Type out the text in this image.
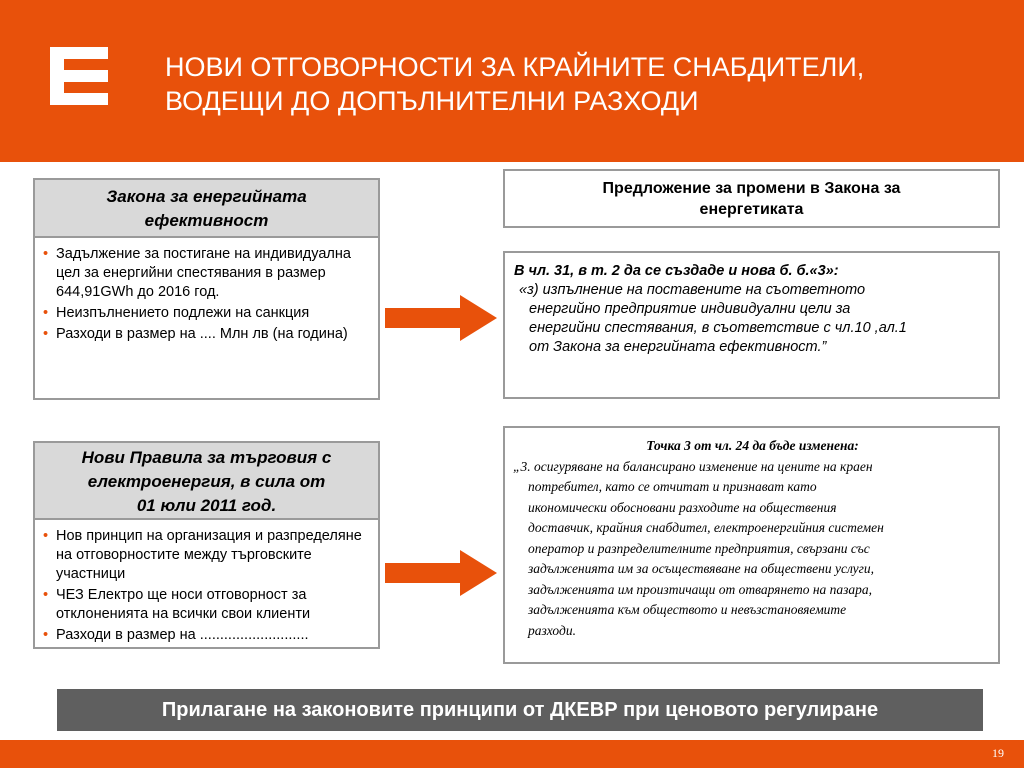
НОВИ ОТГОВОРНОСТИ ЗА КРАЙНИТЕ СНАБДИТЕЛИ,
ВОДЕЩИ ДО ДОПЪЛНИТЕЛНИ РАЗХОДИ
Закона за енергийната
ефективност
• Задължение за постигане на индивидуална цел за енергийни спестявания в размер 644,91GWh до 2016 год.
• Неизпълнението подлежи на санкция
• Разходи в размер на .... Млн лв (на година)
Нови Правила за търговия с
електроенергия, в сила от
01 юли 2011 год.
• Нов принцип на организация и разпределяне на отговорностите между търговските участници
• ЧЕЗ Електро ще носи отговорност за отклоненията на всички свои клиенти
• Разходи в размер на ...........................
Предложение за промени в Закона за
енергетиката
В чл. 31, в т. 2 да се създаде и нова б. б.«3»:
«з) изпълнение на поставените на съответното
енергийно предприятие индивидуални цели за
енергийни спестявания, в съответствие с чл.10 ,ал.1
от Закона за енергийната ефективност.”
Точка 3 от чл. 24 да бъде изменена:
„3. осигуряване на балансирано изменение на цените на краен
потребител, като се отчитат и признават като
икономически обосновани разходите на обществения
доставчик, крайния снабдител, електроенергийния системен
оператор и разпределителните предприятия, свързани със
задълженията им за осъществяване на обществени услуги,
задълженията им произтичащи от отварянето на пазара,
задълженията към обществото и невъзстановяемите
разходи.
Прилагане на законовите принципи от ДКЕВР при ценовото регулиране
19
